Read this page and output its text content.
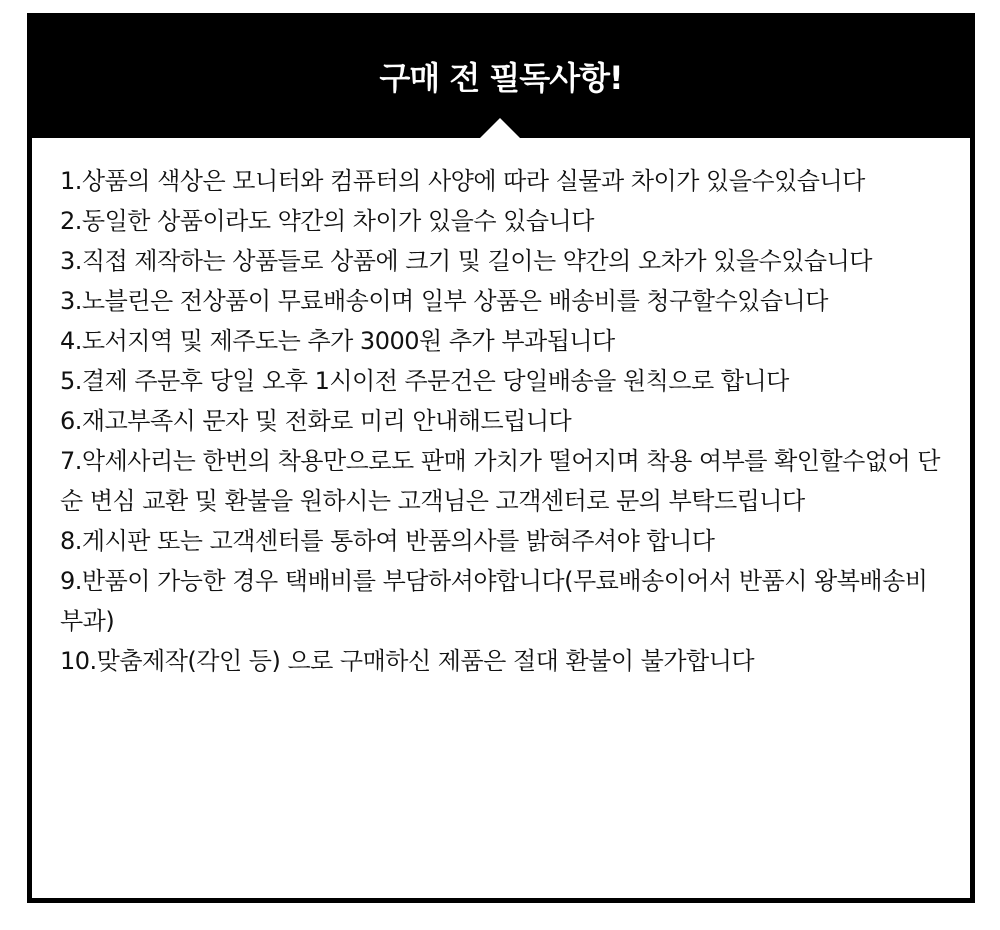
구매 전 필독사항!
1.상품의 색상은 모니터와 컴퓨터의 사양에 따라 실물과 차이가 있을수있습니다
2.동일한 상품이라도 약간의 차이가 있을수 있습니다
3.직접 제작하는 상품들로 상품에 크기 및 길이는 약간의 오차가 있을수있습니다
3.노블린은 전상품이 무료배송이며 일부 상품은 배송비를 청구할수있습니다
4.도서지역 및 제주도는 추가 3000원 추가 부과됩니다
5.결제 주문후 당일 오후 1시이전 주문건은 당일배송을 원칙으로 합니다
6.재고부족시 문자 및 전화로 미리 안내해드립니다
7.악세사리는 한번의 착용만으로도 판매 가치가 떨어지며 착용 여부를 확인할수없어 단순 변심 교환 및 환불을 원하시는 고객님은 고객센터로 문의 부탁드립니다
8.게시판 또는 고객센터를 통하여 반품의사를 밝혀주셔야 합니다
9.반품이 가능한 경우 택배비를 부담하셔야합니다(무료배송이어서 반품시 왕복배송비부과)
10.맞춤제작(각인 등) 으로 구매하신 제품은 절대 환불이 불가합니다
